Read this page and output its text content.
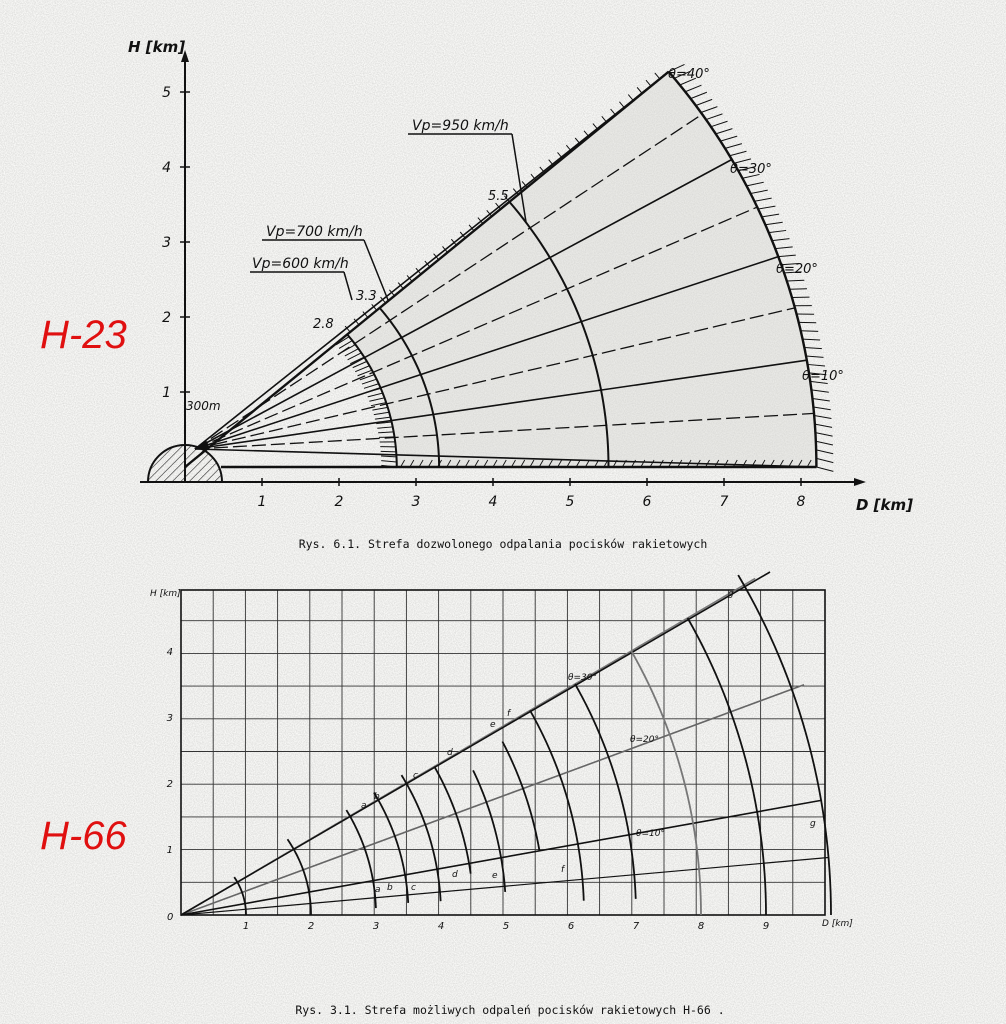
H [km]
D [km]
1	2	3	4	5	6	7	8
1
2
3
4
5
300m
θ=40°
θ=30°
θ=20°
θ=10°
Vp=950 km/h
Vp=700 km/h
Vp=600 km/h
5.5
3.3
2.8
Rys. 6.1. Strefa dozwolonego odpalania pocisków rakietowych
H-23
H-66
H [km]
D [km]
0
1	2	3	4	5	6	7	8	9
1
2
3
4
a
b
c
d
e
f
g
a b c
d	e
f
g
θ=30°
θ=20°
θ=10°
Rys. 3.1. Strefa możliwych odpaleń pocisków rakietowych H-66 .
